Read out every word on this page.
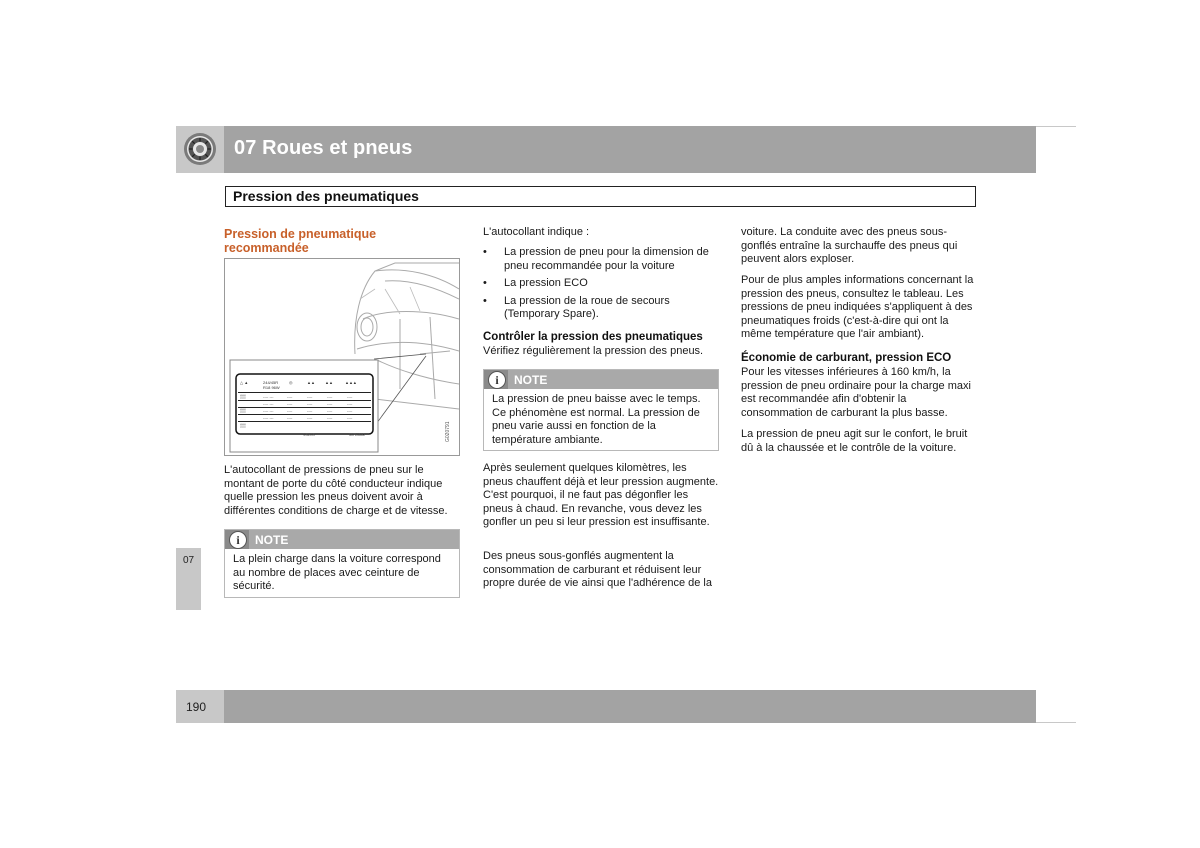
07 Roues et pneus
Pression des pneumatiques
07
Pression de pneumatique recommandée
△ ▲	244/45R
R18 96W
◎	▲▲	▲▲	▲▲▲
▒▒
▒▒
▒▒
---- ---	----	----	----	----
---- ---	----	----	----	----
---- ---	----	----	----	----
---- ---	----	----	----	----
VOLVO	30714048	G020791

L'autocollant de pressions de pneu sur le montant de porte du côté conducteur indique quelle pression les pneus doivent avoir à différentes conditions de charge et de vitesse.

i	NOTE
La plein charge dans la voiture correspond au nombre de places avec ceinture de sécurité.

L'autocollant indique :

• La pression de pneu pour la dimension de pneu recommandée pour la voiture
• La pression ECO
• La pression de la roue de secours (Temporary Spare).
Contrôler la pression des pneumatiques

Vérifiez régulièrement la pression des pneus.

i	NOTE
La pression de pneu baisse avec le temps. Ce phénomène est normal. La pression de pneu varie aussi en fonction de la température ambiante.

Après seulement quelques kilomètres, les pneus chauffent déjà et leur pression augmente. C'est pourquoi, il ne faut pas dégonfler les pneus à chaud. En revanche, vous devez les gonfler un peu si leur pression est insuffisante.

Des pneus sous-gonflés augmentent la consommation de carburant et réduisent leur propre durée de vie ainsi que l'adhérence de la

voiture. La conduite avec des pneus sous-gonflés entraîne la surchauffe des pneus qui peuvent alors exploser.

Pour de plus amples informations concernant la pression des pneus, consultez le tableau. Les pressions de pneu indiquées s'appliquent à des pneumatiques froids (c'est-à-dire qui ont la même température que l'air ambiant).

Économie de carburant, pression ECO

Pour les vitesses inférieures à 160 km/h, la pression de pneu ordinaire pour la charge maxi est recommandée afin d'obtenir la consommation de carburant la plus basse.

La pression de pneu agit sur le confort, le bruit dû à la chaussée et le contrôle de la voiture.

190
